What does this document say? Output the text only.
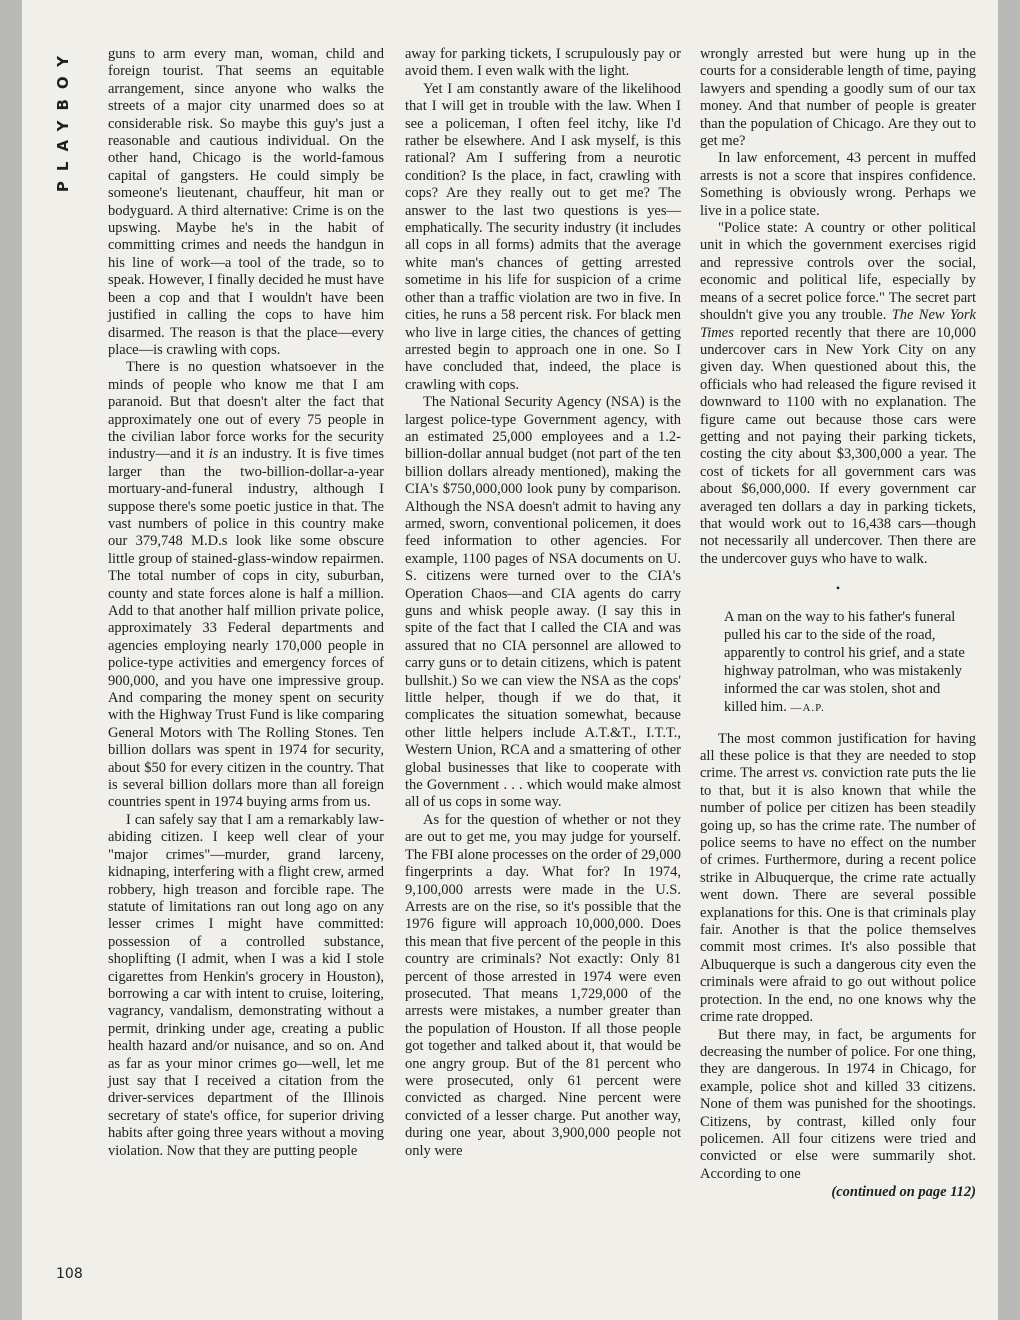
PLAYBOY
108

guns to arm every man, woman, child and foreign tourist. That seems an equitable arrangement, since anyone who walks the streets of a major city unarmed does so at considerable risk. So maybe this guy's just a reasonable and cautious individual. On the other hand, Chicago is the world-famous capital of gangsters. He could simply be someone's lieutenant, chauffeur, hit man or bodyguard. A third alternative: Crime is on the upswing. Maybe he's in the habit of committing crimes and needs the handgun in his line of work—a tool of the trade, so to speak. However, I finally decided he must have been a cop and that I wouldn't have been justified in calling the cops to have him disarmed. The reason is that the place—every place—is crawling with cops.

There is no question whatsoever in the minds of people who know me that I am paranoid. But that doesn't alter the fact that approximately one out of every 75 people in the civilian labor force works for the security industry—and it is an industry. It is five times larger than the two-billion-dollar-a-year mortuary-and-funeral industry, although I suppose there's some poetic justice in that. The vast numbers of police in this country make our 379,748 M.D.s look like some obscure little group of stained-glass-window repairmen. The total number of cops in city, suburban, county and state forces alone is half a million. Add to that another half million private police, approximately 33 Federal departments and agencies employing nearly 170,000 people in police-type activities and emergency forces of 900,000, and you have one impressive group. And comparing the money spent on security with the Highway Trust Fund is like comparing General Motors with The Rolling Stones. Ten billion dollars was spent in 1974 for security, about $50 for every citizen in the country. That is several billion dollars more than all foreign countries spent in 1974 buying arms from us.

I can safely say that I am a remarkably law-abiding citizen. I keep well clear of your "major crimes"—murder, grand larceny, kidnaping, interfering with a flight crew, armed robbery, high treason and forcible rape. The statute of limitations ran out long ago on any lesser crimes I might have committed: possession of a controlled substance, shoplifting (I admit, when I was a kid I stole cigarettes from Henkin's grocery in Houston), borrowing a car with intent to cruise, loitering, vagrancy, vandalism, demonstrating without a permit, drinking under age, creating a public health hazard and/or nuisance, and so on. And as far as your minor crimes go—well, let me just say that I received a citation from the driver-services department of the Illinois secretary of state's office, for superior driving habits after going three years without a moving violation. Now that they are putting people

away for parking tickets, I scrupulously pay or avoid them. I even walk with the light.

Yet I am constantly aware of the likelihood that I will get in trouble with the law. When I see a policeman, I often feel itchy, like I'd rather be elsewhere. And I ask myself, is this rational? Am I suffering from a neurotic condition? Is the place, in fact, crawling with cops? Are they really out to get me? The answer to the last two questions is yes—emphatically. The security industry (it includes all cops in all forms) admits that the average white man's chances of getting arrested sometime in his life for suspicion of a crime other than a traffic violation are two in five. In cities, he runs a 58 percent risk. For black men who live in large cities, the chances of getting arrested begin to approach one in one. So I have concluded that, indeed, the place is crawling with cops.

The National Security Agency (NSA) is the largest police-type Government agency, with an estimated 25,000 employees and a 1.2-billion-dollar annual budget (not part of the ten billion dollars already mentioned), making the CIA's $750,000,000 look puny by comparison. Although the NSA doesn't admit to having any armed, sworn, conventional policemen, it does feed information to other agencies. For example, 1100 pages of NSA documents on U. S. citizens were turned over to the CIA's Operation Chaos—and CIA agents do carry guns and whisk people away. (I say this in spite of the fact that I called the CIA and was assured that no CIA personnel are allowed to carry guns or to detain citizens, which is patent bullshit.) So we can view the NSA as the cops' little helper, though if we do that, it complicates the situation somewhat, because other little helpers include A.T.&T., I.T.T., Western Union, RCA and a smattering of other global businesses that like to cooperate with the Government . . . which would make almost all of us cops in some way.

As for the question of whether or not they are out to get me, you may judge for yourself. The FBI alone processes on the order of 29,000 fingerprints a day. What for? In 1974, 9,100,000 arrests were made in the U.S. Arrests are on the rise, so it's possible that the 1976 figure will approach 10,000,000. Does this mean that five percent of the people in this country are criminals? Not exactly: Only 81 percent of those arrested in 1974 were even prosecuted. That means 1,729,000 of the arrests were mistakes, a number greater than the population of Houston. If all those people got together and talked about it, that would be one angry group. But of the 81 percent who were prosecuted, only 61 percent were convicted as charged. Nine percent were convicted of a lesser charge. Put another way, during one year, about 3,900,000 people not only were

wrongly arrested but were hung up in the courts for a considerable length of time, paying lawyers and spending a goodly sum of our tax money. And that number of people is greater than the population of Chicago. Are they out to get me?

In law enforcement, 43 percent in muffed arrests is not a score that inspires confidence. Something is obviously wrong. Perhaps we live in a police state.

"Police state: A country or other political unit in which the government exercises rigid and repressive controls over the social, economic and political life, especially by means of a secret police force." The secret part shouldn't give you any trouble. The New York Times reported recently that there are 10,000 undercover cars in New York City on any given day. When questioned about this, the officials who had released the figure revised it downward to 1100 with no explanation. The figure came out because those cars were getting and not paying their parking tickets, costing the city about $3,300,000 a year. The cost of tickets for all government cars was about $6,000,000. If every government car averaged ten dollars a day in parking tickets, that would work out to 16,438 cars—though not necessarily all undercover. Then there are the undercover guys who have to walk.

•
A man on the way to his father's funeral pulled his car to the side of the road, apparently to control his grief, and a state highway patrolman, who was mistakenly informed the car was stolen, shot and killed him. —A.P.

The most common justification for having all these police is that they are needed to stop crime. The arrest vs. conviction rate puts the lie to that, but it is also known that while the number of police per citizen has been steadily going up, so has the crime rate. The number of police seems to have no effect on the number of crimes. Furthermore, during a recent police strike in Albuquerque, the crime rate actually went down. There are several possible explanations for this. One is that criminals play fair. Another is that the police themselves commit most crimes. It's also possible that Albuquerque is such a dangerous city even the criminals were afraid to go out without police protection. In the end, no one knows why the crime rate dropped.

But there may, in fact, be arguments for decreasing the number of police. For one thing, they are dangerous. In 1974 in Chicago, for example, police shot and killed 33 citizens. None of them was punished for the shootings. Citizens, by contrast, killed only four policemen. All four citizens were tried and convicted or else were summarily shot. According to one

(continued on page 112)
